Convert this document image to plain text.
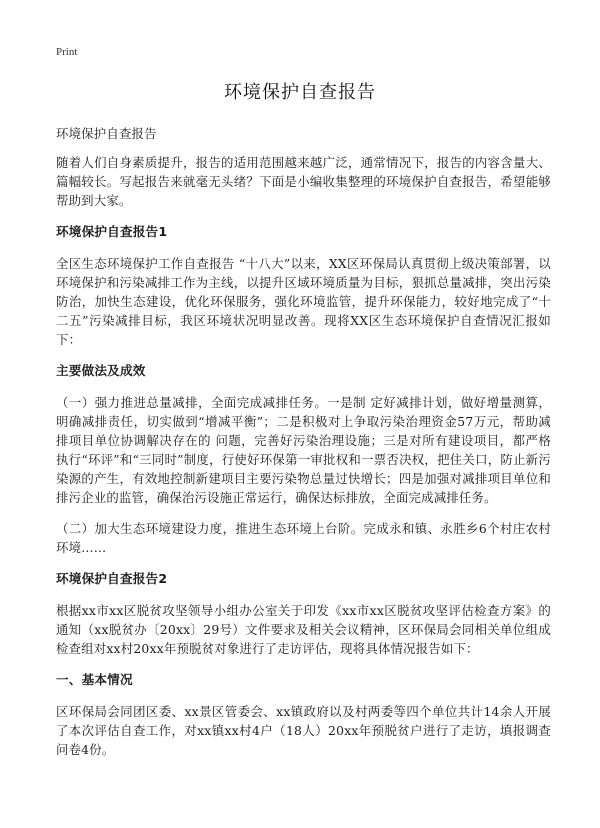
Print
环境保护自查报告

环境保护自查报告

随着人们自身素质提升，报告的适用范围越来越广泛，通常情况下，报告的内容含量大、篇幅较长。写起报告来就毫无头绪？下面是小编收集整理的环境保护自查报告，希望能够帮助到大家。

环境保护自查报告1

全区生态环境保护工作自查报告 “十八大”以来，XX区环保局认真贯彻上级决策部署，以环境保护和污染减排工作为主线，以提升区域环境质量为目标，狠抓总量减排，突出污染防治，加快生态建设，优化环保服务，强化环境监管，提升环保能力，较好地完成了“十二五”污染减排目标，我区环境状况明显改善。现将XX区生态环境保护自查情况汇报如下：

主要做法及成效

（一）强力推进总量减排，全面完成减排任务。一是制 定好减排计划，做好增量测算，明确减排责任，切实做到“增减平衡”；二是积极对上争取污染治理资金57万元，帮助减排项目单位协调解决存在的 问题，完善好污染治理设施；三是对所有建设项目，都严格执行“环评”和“三同时”制度，行使好环保第一审批权和一票否决权，把住关口，防止新污染源的产生，有效地控制新建项目主要污染物总量过快增长；四是加强对减排项目单位和排污企业的监管，确保治污设施正常运行，确保达标排放，全面完成减排任务。

（二）加大生态环境建设力度，推进生态环境上台阶。完成永和镇、永胜乡6个村庄农村环境……

环境保护自查报告2

根据xx市xx区脱贫攻坚领导小组办公室关于印发《xx市xx区脱贫攻坚评估检查方案》的通知（xx脱贫办〔20xx〕29号）文件要求及相关会议精神，区环保局会同相关单位组成检查组对xx村20xx年预脱贫对象进行了走访评估，现将具体情况报告如下：

一、基本情况

区环保局会同团区委、xx景区管委会、xx镇政府以及村两委等四个单位共计14余人开展了本次评估自查工作，对xx镇xx村4户（18人）20xx年预脱贫户进行了走访，填报调查问卷4份。
